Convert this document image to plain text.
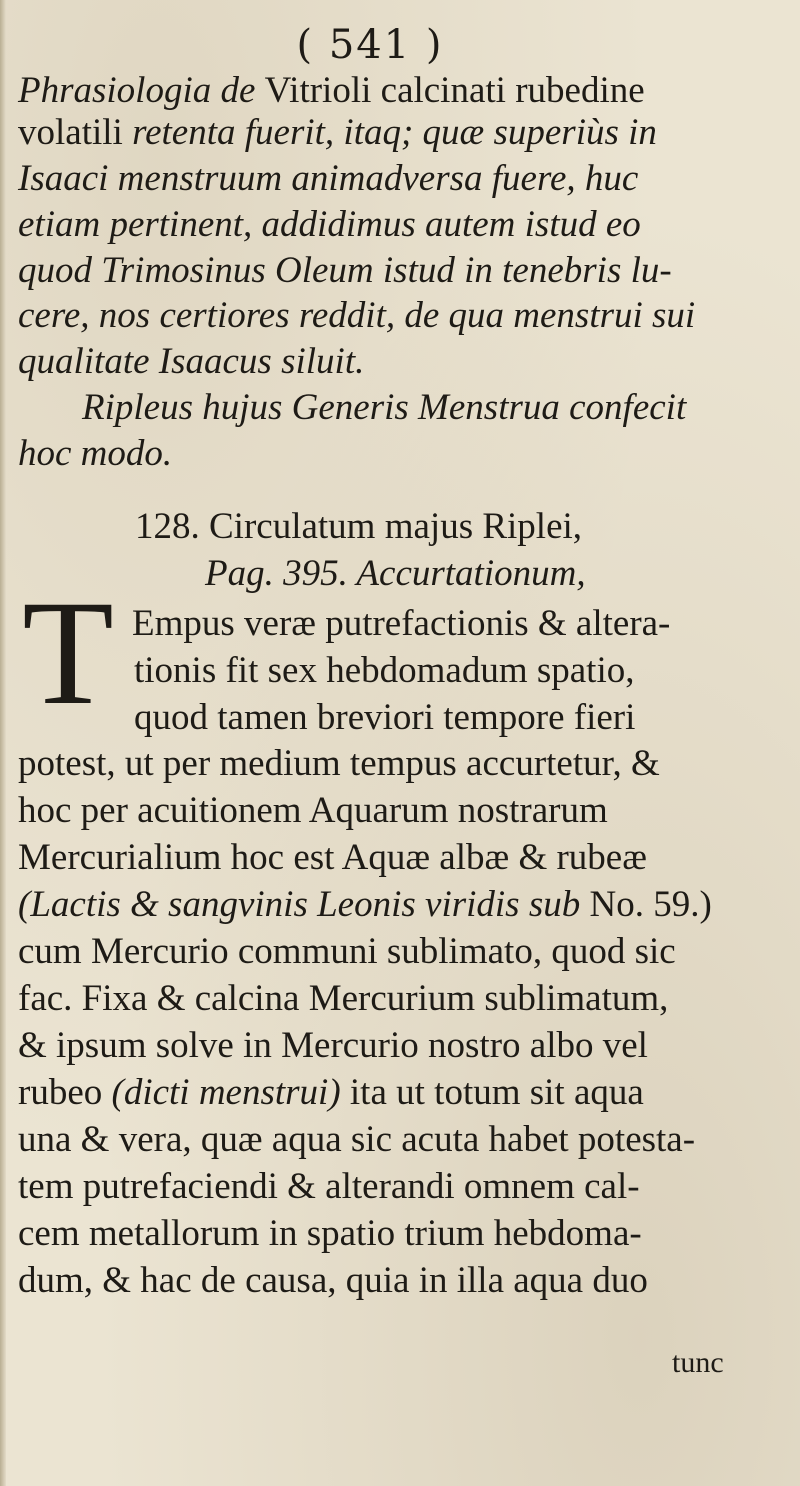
( 541 )
Phrasiologia de Vitrioli calcinati rubedine
volatili retenta fuerit, itaq; quæ superiùs in
Isaaci menstruum animadversa fuere, huc
etiam pertinent, addidimus autem istud eo
quod Trimosinus Oleum istud in tenebris lu-
cere, nos certiores reddit, de qua menstrui sui
qualitate Isaacus siluit.
Ripleus hujus Generis Menstrua confecit
hoc modo.
128. Circulatum majus Riplei,
Pag. 395. Accurtationum,
T Empus veræ putrefactionis & altera-
tionis fit sex hebdomadum spatio,
quod tamen breviori tempore fieri
potest, ut per medium tempus accurtetur, &
hoc per acuitionem Aquarum nostrarum
Mercurialium hoc est Aquæ albæ & rubeæ
(Lactis & sangvinis Leonis viridis sub No. 59.)
cum Mercurio communi sublimato, quod sic
fac. Fixa & calcina Mercurium sublimatum,
& ipsum solve in Mercurio nostro albo vel
rubeo (dicti menstrui) ita ut totum sit aqua
una & vera, quæ aqua sic acuta habet potesta-
tem putrefaciendi & alterandi omnem cal-
cem metallorum in spatio trium hebdoma-
dum, & hac de causa, quia in illa aqua duo
tunc
